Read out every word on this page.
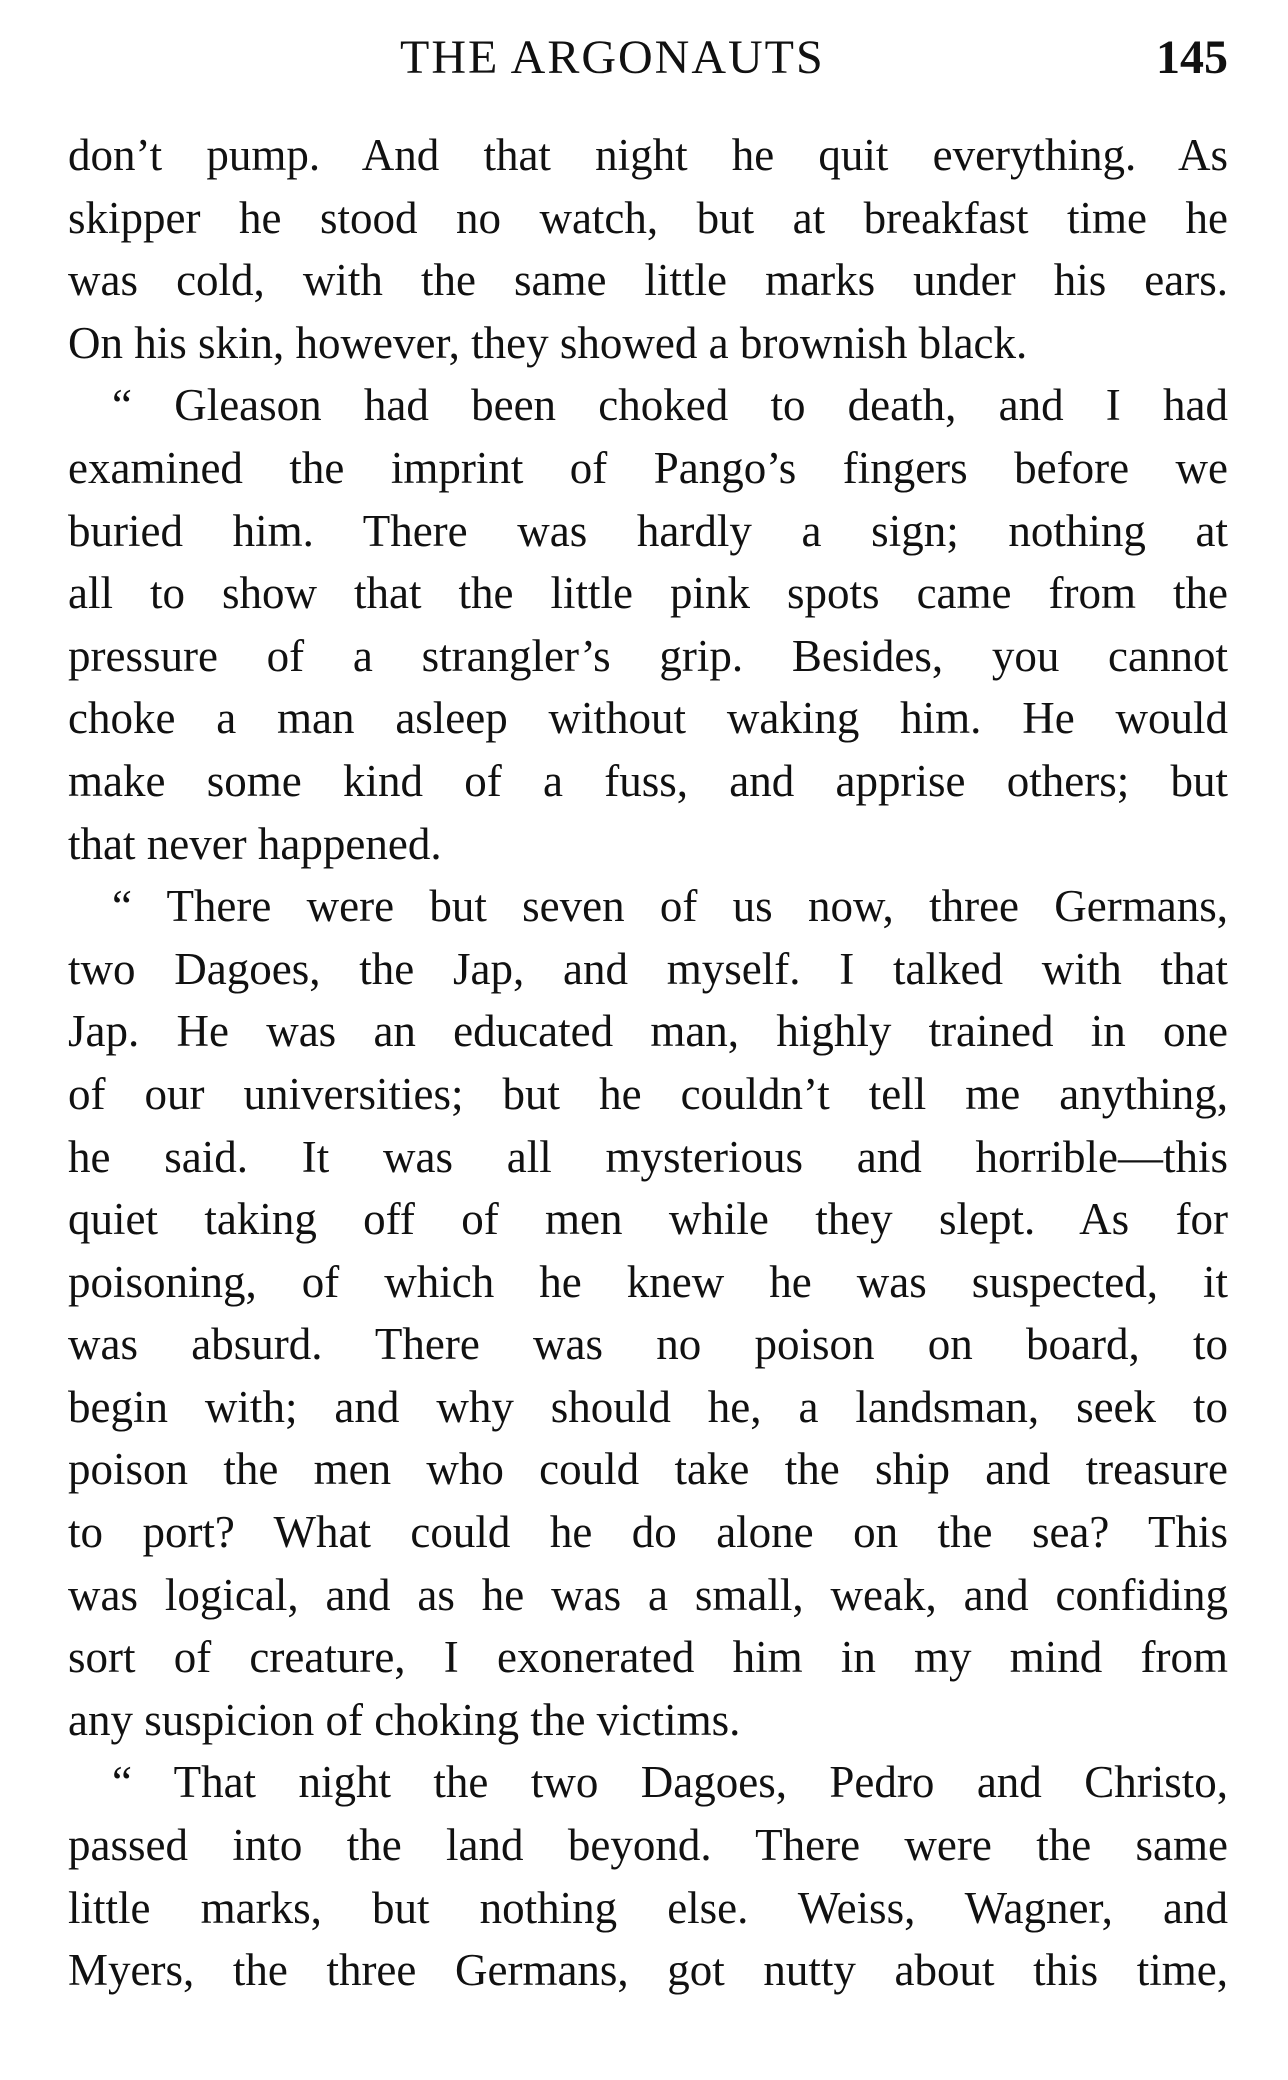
THE ARGONAUTS	145
don’t pump. And that night he quit everything. As
skipper he stood no watch, but at breakfast time he
was cold, with the same little marks under his ears.
On his skin, however, they showed a brownish black.
“ Gleason had been choked to death, and I had
examined the imprint of Pango’s fingers before we
buried him. There was hardly a sign; nothing at
all to show that the little pink spots came from the
pressure of a strangler’s grip. Besides, you cannot
choke a man asleep without waking him. He would
make some kind of a fuss, and apprise others; but
that never happened.
“ There were but seven of us now, three Germans,
two Dagoes, the Jap, and myself. I talked with that
Jap. He was an educated man, highly trained in one
of our universities; but he couldn’t tell me anything,
he said. It was all mysterious and horrible—this
quiet taking off of men while they slept. As for
poisoning, of which he knew he was suspected, it
was absurd. There was no poison on board, to
begin with; and why should he, a landsman, seek to
poison the men who could take the ship and treasure
to port? What could he do alone on the sea? This
was logical, and as he was a small, weak, and confiding
sort of creature, I exonerated him in my mind from
any suspicion of choking the victims.
“ That night the two Dagoes, Pedro and Christo,
passed into the land beyond. There were the same
little marks, but nothing else. Weiss, Wagner, and
Myers, the three Germans, got nutty about this time,
